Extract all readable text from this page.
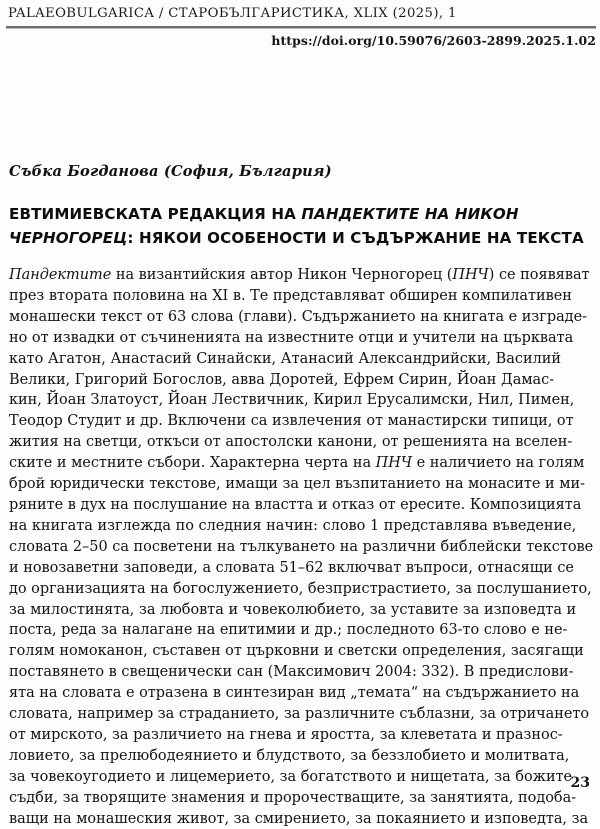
PALAEOBULGARICA / СТАРОБЪЛГАРИСТИКА, XLIX (2025), 1
https://doi.org/10.59076/2603-2899.2025.1.02
Събка Богданова (София, България)
ЕВТИМИЕВСКАТА РЕДАКЦИЯ НА ПАНДЕКТИТЕ НА НИКОН
ЧЕРНОГОРЕЦ: НЯКОИ ОСОБЕНОСТИ И СЪДЪРЖАНИЕ НА ТЕКСТА
Пандектите на византийския автор Никон Черногорец (ПНЧ) се появяват
през втората половина на XI в. Те представляват обширен компилативен
монашески текст от 63 слова (глави). Съдържанието на книгата е изграде-
но от извадки от съчиненията на известните отци и учители на църквата
като Агатон, Анастасий Синайски, Атанасий Александрийски, Василий
Велики, Григорий Богослов, авва Доротей, Ефрем Сирин, Йоан Дамас-
кин, Йоан Златоуст, Йоан Лествичник, Кирил Ерусалимски, Нил, Пимен,
Теодор Студит и др. Включени са извлечения от манастирски типици, от
жития на светци, откъси от апостолски канони, от решенията на вселен-
ските и местните събори. Характерна черта на ПНЧ е наличието на голям
брой юридически текстове, имащи за цел възпитанието на монасите и ми-
ряните в дух на послушание на властта и отказ от ересите. Композицията
на книгата изглежда по следния начин: слово 1 представлява въведение,
словата 2–50 са посветени на тълкуването на различни библейски текстове
и новозаветни заповеди, а словата 51–62 включват въпроси, отнасящи се
до организацията на богослужението, безпристрастието, за послушанието,
за милостинята, за любовта и човеколюбието, за уставите за изповедта и
поста, реда за налагане на епитимии и др.; последното 63-то слово е не-
голям номоканон, съставен от църковни и светски определения, засягащи
поставянето в свещенически сан (Максимович 2004: 332). В предислови-
ята на словата е отразена в синтезиран вид „темата“ на съдържанието на
словата, например за страданието, за различните съблазни, за отричането
от мирското, за различието на гнева и яростта, за клеветата и празнос-
ловието, за прелюбодеянието и блудството, за беззлобието и молитвата,
за човекоугодието и лицемерието, за богатството и нищетата, за божите
съдби, за творящите знамения и пророчестващите, за занятията, подоба-
ващи на монашеския живот, за смирението, за покаянието и изповедта, за
23
